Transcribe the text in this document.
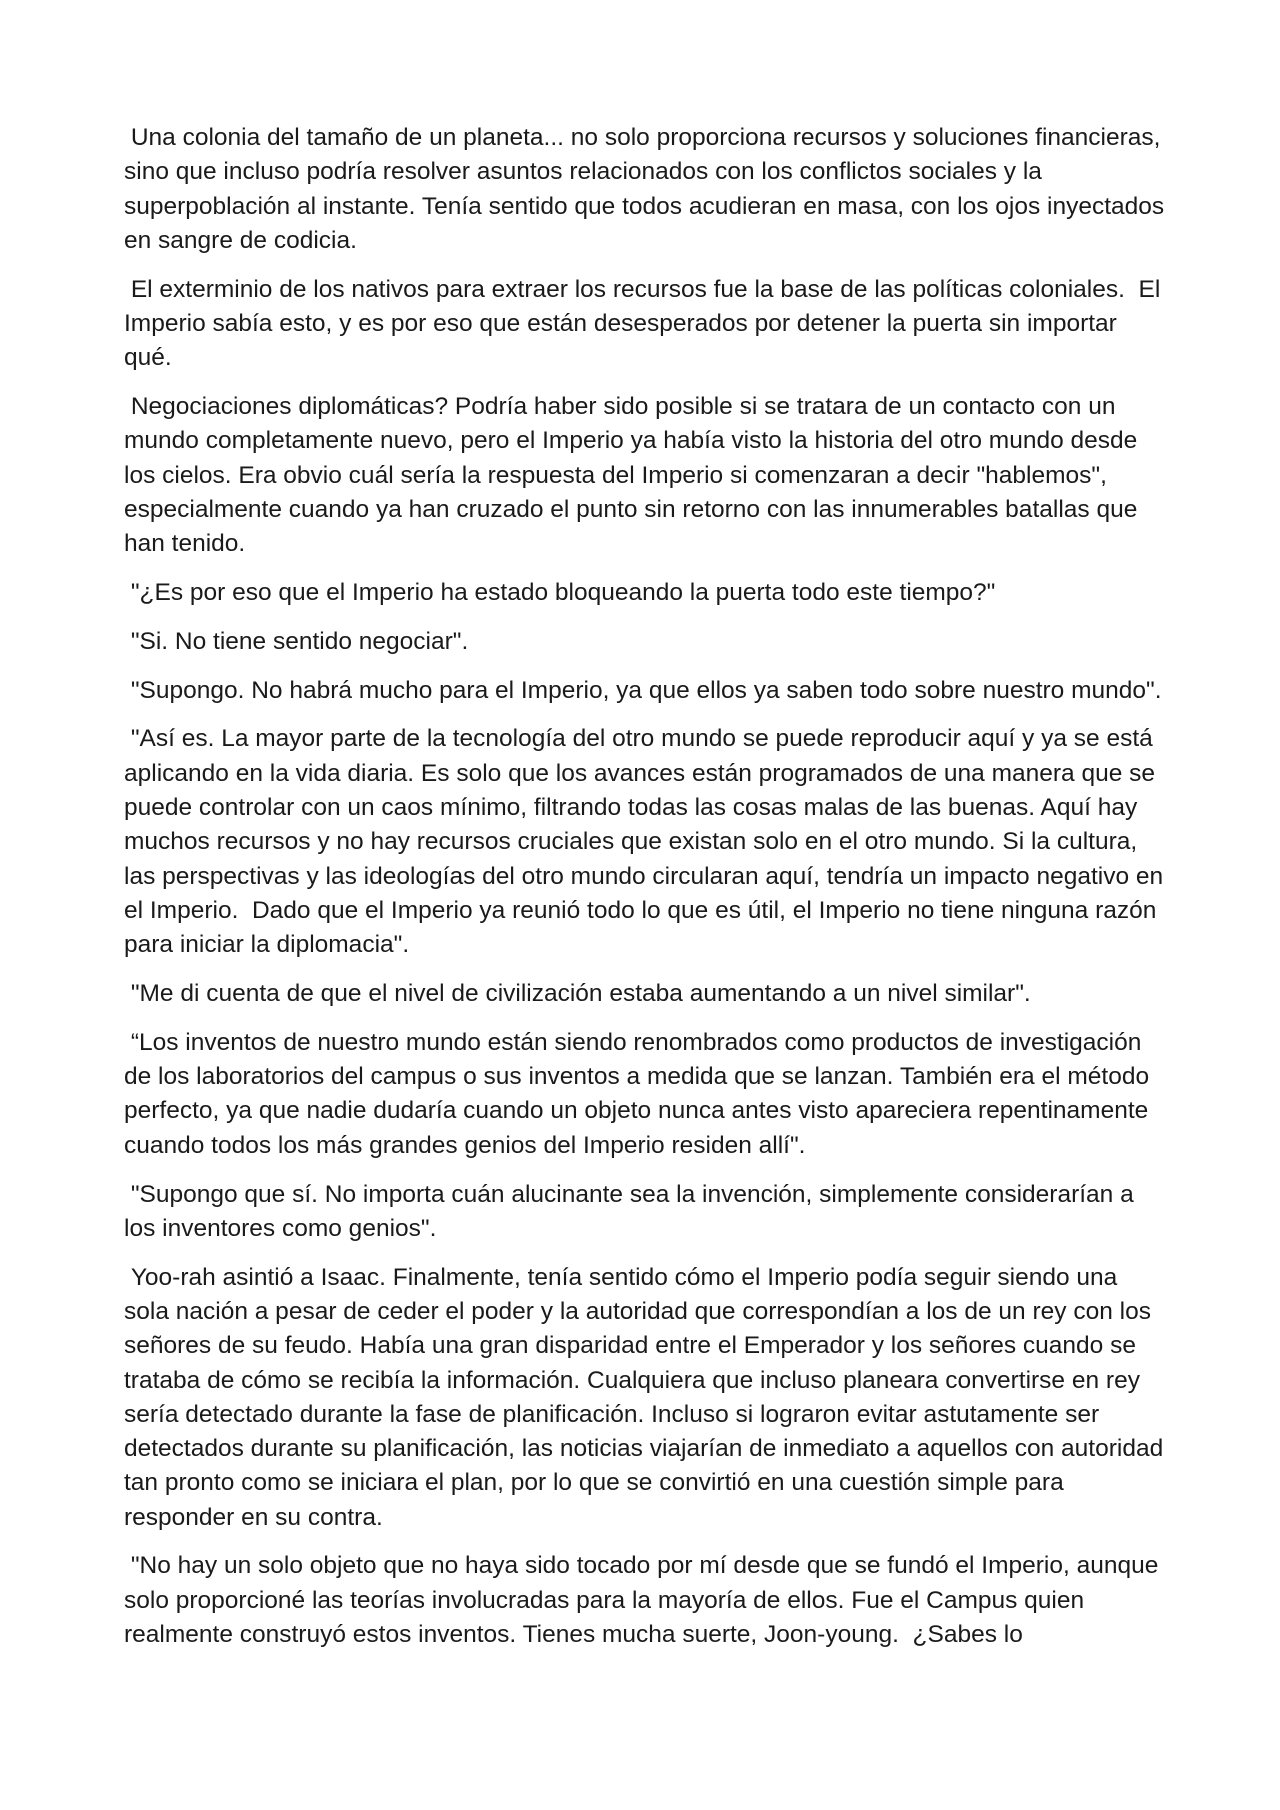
Una colonia del tamaño de un planeta... no solo proporciona recursos y soluciones financieras, sino que incluso podría resolver asuntos relacionados con los conflictos sociales y la superpoblación al instante. Tenía sentido que todos acudieran en masa, con los ojos inyectados en sangre de codicia.

El exterminio de los nativos para extraer los recursos fue la base de las políticas coloniales.  El Imperio sabía esto, y es por eso que están desesperados por detener la puerta sin importar qué.

Negociaciones diplomáticas? Podría haber sido posible si se tratara de un contacto con un mundo completamente nuevo, pero el Imperio ya había visto la historia del otro mundo desde los cielos. Era obvio cuál sería la respuesta del Imperio si comenzaran a decir "hablemos", especialmente cuando ya han cruzado el punto sin retorno con las innumerables batallas que han tenido.

"¿Es por eso que el Imperio ha estado bloqueando la puerta todo este tiempo?"

"Si. No tiene sentido negociar".

"Supongo. No habrá mucho para el Imperio, ya que ellos ya saben todo sobre nuestro mundo".

"Así es. La mayor parte de la tecnología del otro mundo se puede reproducir aquí y ya se está aplicando en la vida diaria. Es solo que los avances están programados de una manera que se puede controlar con un caos mínimo, filtrando todas las cosas malas de las buenas. Aquí hay muchos recursos y no hay recursos cruciales que existan solo en el otro mundo. Si la cultura, las perspectivas y las ideologías del otro mundo circularan aquí, tendría un impacto negativo en el Imperio.  Dado que el Imperio ya reunió todo lo que es útil, el Imperio no tiene ninguna razón para iniciar la diplomacia".

"Me di cuenta de que el nivel de civilización estaba aumentando a un nivel similar".

“Los inventos de nuestro mundo están siendo renombrados como productos de investigación de los laboratorios del campus o sus inventos a medida que se lanzan. También era el método perfecto, ya que nadie dudaría cuando un objeto nunca antes visto apareciera repentinamente cuando todos los más grandes genios del Imperio residen allí".

"Supongo que sí. No importa cuán alucinante sea la invención, simplemente considerarían a los inventores como genios".

Yoo-rah asintió a Isaac. Finalmente, tenía sentido cómo el Imperio podía seguir siendo una sola nación a pesar de ceder el poder y la autoridad que correspondían a los de un rey con los señores de su feudo. Había una gran disparidad entre el Emperador y los señores cuando se trataba de cómo se recibía la información. Cualquiera que incluso planeara convertirse en rey sería detectado durante la fase de planificación. Incluso si lograron evitar astutamente ser detectados durante su planificación, las noticias viajarían de inmediato a aquellos con autoridad tan pronto como se iniciara el plan, por lo que se convirtió en una cuestión simple para responder en su contra.

"No hay un solo objeto que no haya sido tocado por mí desde que se fundó el Imperio, aunque solo proporcioné las teorías involucradas para la mayoría de ellos. Fue el Campus quien realmente construyó estos inventos. Tienes mucha suerte, Joon-young.  ¿Sabes lo
